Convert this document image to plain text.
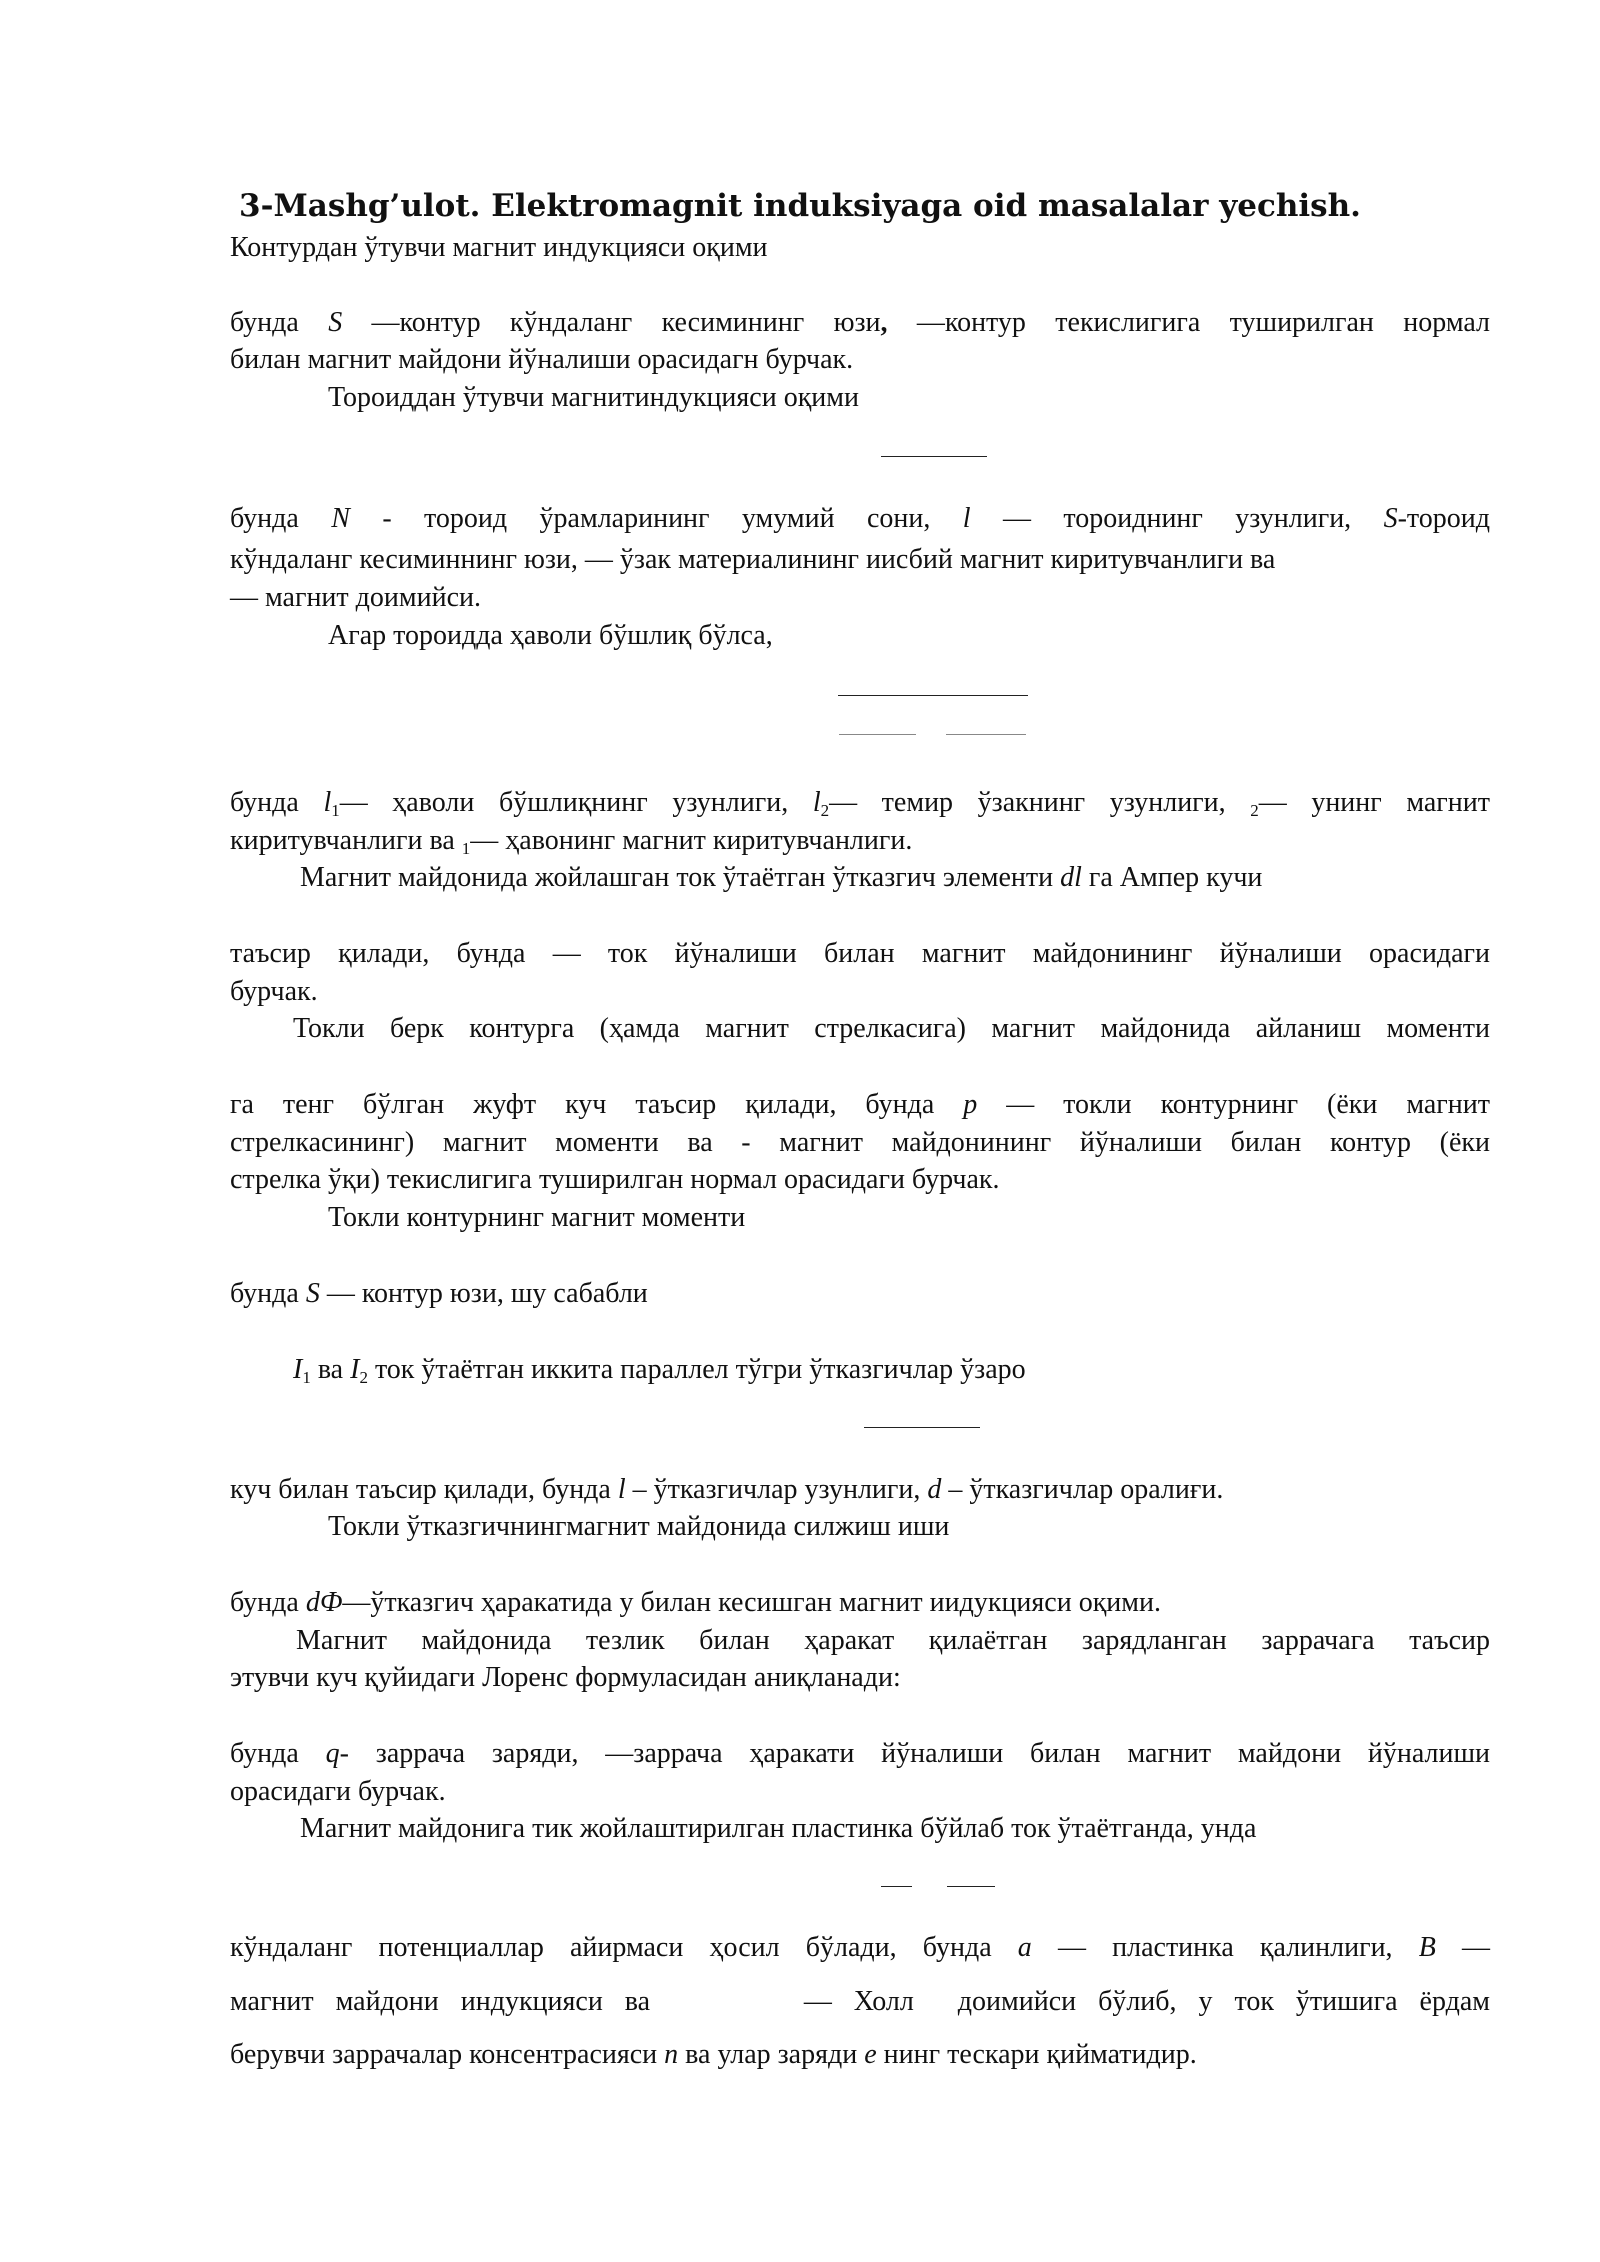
3-Mashg’ulot. Elektromagnit induksiyaga oid masalalar yechish.
Контурдан ўтувчи магнит индукцияси оқими
бунда S —контур кўндаланг кесимининг юзи, —контур текислигига туширилган нормал
билан магнит майдони йўналиши орасидагн бурчак.
Тороиддан ўтувчи магнитиндукцияси оқими
бунда N - тороид ўрамларининг умумий сони, l — тороиднинг узунлиги, S-тороид
кўндаланг кесиминнинг юзи, — ўзак материалининг иисбий магнит киритувчанлиги ва
— магнит доимийси.
Агар тороидда ҳаволи бўшлиқ бўлса,
бунда $l_1—$ ҳаволи бўшлиқнинг узунлиги, $l_2—$ темир ўзакнинг узунлиги, $_2$— унинг магнит
киритувчанлиги ва $_1$— ҳавонинг магнит киритувчанлиги.
Магнит майдонида жойлашган ток ўтаётган ўтказгич элементи dl га Ампер кучи
таъсир қилади, бунда — ток йўналиши билан магнит майдонининг йўналиши орасидаги
бурчак.
Токли берк контурга (ҳамда магнит стрелкасига) магнит майдонида айланиш моменти
га тенг бўлган жуфт куч таъсир қилади, бунда p — токли контурнинг (ёки магнит
стрелкасининг) магнит моменти ва - магнит майдонининг йўналиши билан контур (ёки
стрелка ўқи) текислигига туширилган нормал орасидаги бурчак.
Токли контурнинг магнит моменти
бунда S — контур юзи, шу сабабли
$I_1$ ва $I_2$ ток ўтаётган иккита параллел тўгри ўтказгичлар ўзаро
куч билан таъсир қилади, бунда l – ўтказгичлар узунлиги, d – ўтказгичлар оралиғи.
Токли ўтказгичнингмагнит майдонида силжиш иши
бунда dФ—ўтказгич ҳаракатида у билан кесишган магнит иидукцияси оқими.
Магнит майдонида тезлик билан ҳаракат қилаётган зарядланган заррачага таъсир
этувчи куч қуйидаги Лоренс формуласидан аниқланади:
бунда q- заррача заряди, —заррача ҳаракати йўналиши билан магнит майдони йўналиши
орасидаги бурчак.
Магнит майдонига тик жойлаштирилган пластинка бўйлаб ток ўтаётганда, унда
кўндаланг потенциаллар айирмаси ҳосил бўлади, бунда a — пластинка қалинлиги, B —
магнит майдони индукцияси ва       — Холл  доимийси бўлиб, у ток ўтишига ёрдам
берувчи заррачалар консентрасияси n ва улар заряди e нинг тескари қийматидир.
